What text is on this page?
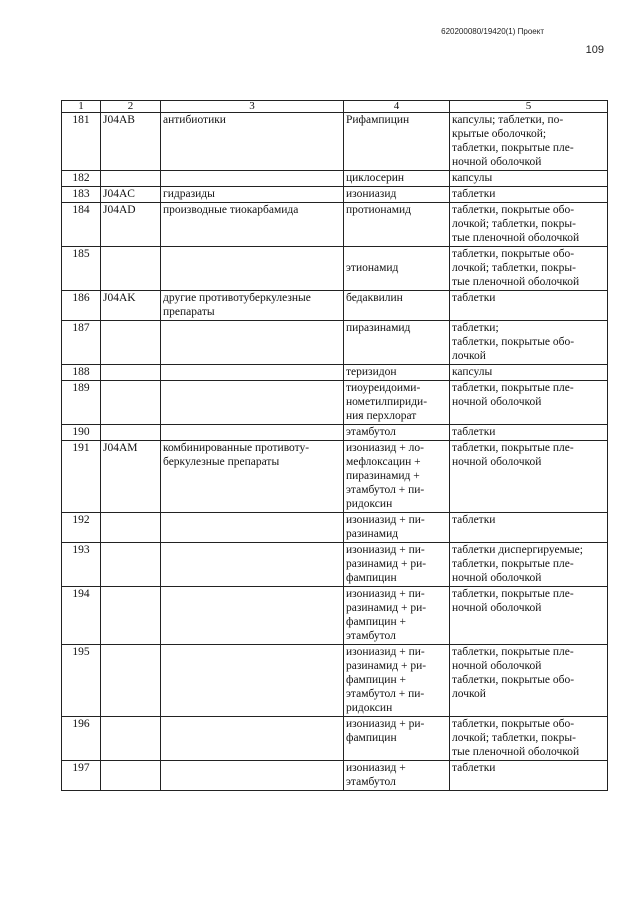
620200080/19420(1) Проект
109
1	2	3	4	5
181	J04AB	антибиотики	Рифампицин	капсулы; таблетки, по-
крытые оболочкой;
таблетки, покрытые пле-
ночной оболочкой

182			циклосерин	капсулы

183	J04AC	гидразиды	изониазид	таблетки

184	J04AD	производные тиокарбамида	протионамид	таблетки, покрытые обо-
лочкой; таблетки, покры-
тые пленочной оболочкой

185			этионамид	таблетки, покрытые обо-
лочкой; таблетки, покры-
тые пленочной оболочкой

186	J04AK	другие противотуберкулезные
препараты	бедаквилин	таблетки

187			пиразинамид	таблетки;
таблетки, покрытые обо-
лочкой

188			теризидон	капсулы

189			тиоуреидоими-
нометилпириди-
ния перхлорат	таблетки, покрытые пле-
ночной оболочкой

190			этамбутол	таблетки

191	J04AM	комбинированные противоту-
беркулезные препараты	изониазид + ло-
мефлоксацин +
пиразинамид +
этамбутол + пи-
ридоксин	таблетки, покрытые пле-
ночной оболочкой

192			изониазид + пи-
разинамид	таблетки

193			изониазид + пи-
разинамид + ри-
фампицин	таблетки диспергируемые;
таблетки, покрытые пле-
ночной оболочкой

194			изониазид + пи-
разинамид + ри-
фампицин +
этамбутол	таблетки, покрытые пле-
ночной оболочкой

195			изониазид + пи-
разинамид + ри-
фампицин +
этамбутол + пи-
ридоксин	таблетки, покрытые пле-
ночной оболочкой
таблетки, покрытые обо-
лочкой

196			изониазид + ри-
фампицин	таблетки, покрытые обо-
лочкой; таблетки, покры-
тые пленочной оболочкой

197			изониазид +
этамбутол	таблетки
